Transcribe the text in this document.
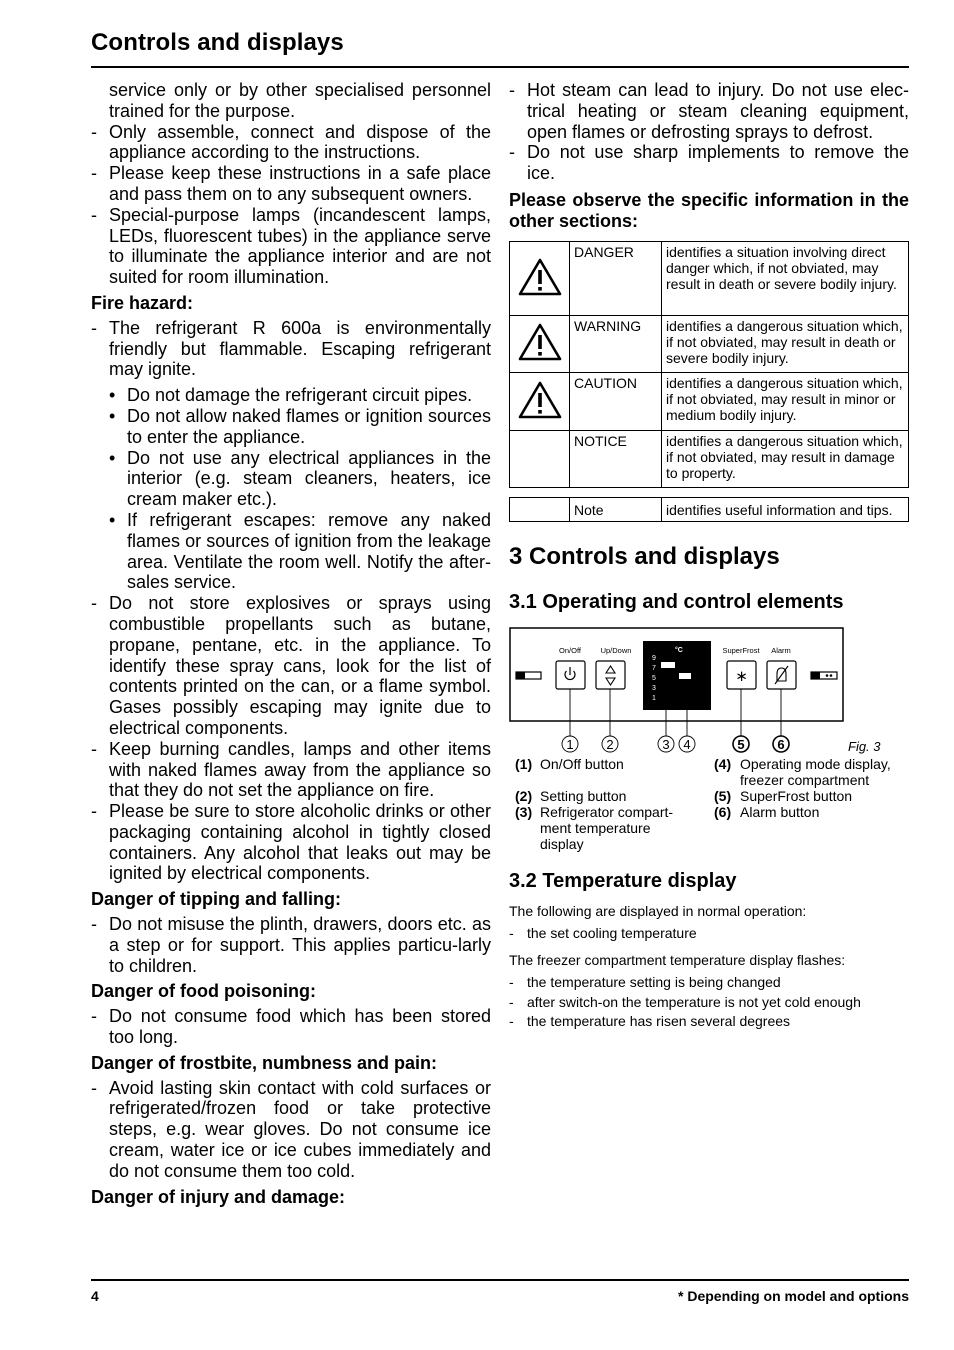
Controls and displays
service only or by other specialised personnel trained for the purpose.
- Only assemble, connect and dispose of the appliance according to the instructions.
- Please keep these instructions in a safe place and pass them on to any subsequent owners.
- Special-purpose lamps (incandescent lamps, LEDs, fluorescent tubes) in the appliance serve to illuminate the appliance interior and are not suited for room illumination.
Fire hazard:
- The refrigerant R 600a is environmentally friendly but flammable. Escaping refrigerant may ignite.
• Do not damage the refrigerant circuit pipes.
• Do not allow naked flames or ignition sources to enter the appliance.
• Do not use any electrical appliances in the interior (e.g. steam cleaners, heaters, ice cream maker etc.).
• If refrigerant escapes: remove any naked flames or sources of ignition from the leakage area. Ventilate the room well. Notify the after-sales service.
- Do not store explosives or sprays using combustible propellants such as butane, propane, pentane, etc. in the appliance. To identify these spray cans, look for the list of contents printed on the can, or a flame symbol. Gases possibly escaping may ignite due to electrical components.
- Keep burning candles, lamps and other items with naked flames away from the appliance so that they do not set the appliance on fire.
- Please be sure to store alcoholic drinks or other packaging containing alcohol in tightly closed containers. Any alcohol that leaks out may be ignited by electrical components.
Danger of tipping and falling:
- Do not misuse the plinth, drawers, doors etc. as a step or for support. This applies particu-larly to children.
Danger of food poisoning:
- Do not consume food which has been stored too long.
Danger of frostbite, numbness and pain:
- Avoid lasting skin contact with cold surfaces or refrigerated/frozen food or take protective steps, e.g. wear gloves. Do not consume ice cream, water ice or ice cubes immediately and do not consume them too cold.
Danger of injury and damage:
- Hot steam can lead to injury. Do not use elec-trical heating or steam cleaning equipment, open flames or defrosting sprays to defrost.
- Do not use sharp implements to remove the ice.
Please observe the specific information in the other sections:
	DANGER	identifies a situation involving direct danger which, if not obviated, may result in death or severe bodily injury.
	WARNING	identifies a dangerous situation which, if not obviated, may result in death or severe bodily injury.
	CAUTION	identifies a dangerous situation which, if not obviated, may result in minor or medium bodily injury.
	NOTICE	identifies a dangerous situation which, if not obviated, may result in damage to property.
	Note	identifies useful information and tips.
3 Controls and displays
3.1 Operating and control elements
On/Off	Up/Down	°C
9
7
5
3
1
SuperFrost
∗
Alarm
1	2	3 4	5	6	Fig. 3
(1) On/Off button
(2) Setting button
(3) Refrigerator compart-ment temperature display
(4) Operating mode display, freezer compartment
(5) SuperFrost button
(6) Alarm button
3.2 Temperature display
The following are displayed in normal operation:
- the set cooling temperature
The freezer compartment temperature display flashes:
- the temperature setting is being changed
- after switch-on the temperature is not yet cold enough
- the temperature has risen several degrees
4	* Depending on model and options
